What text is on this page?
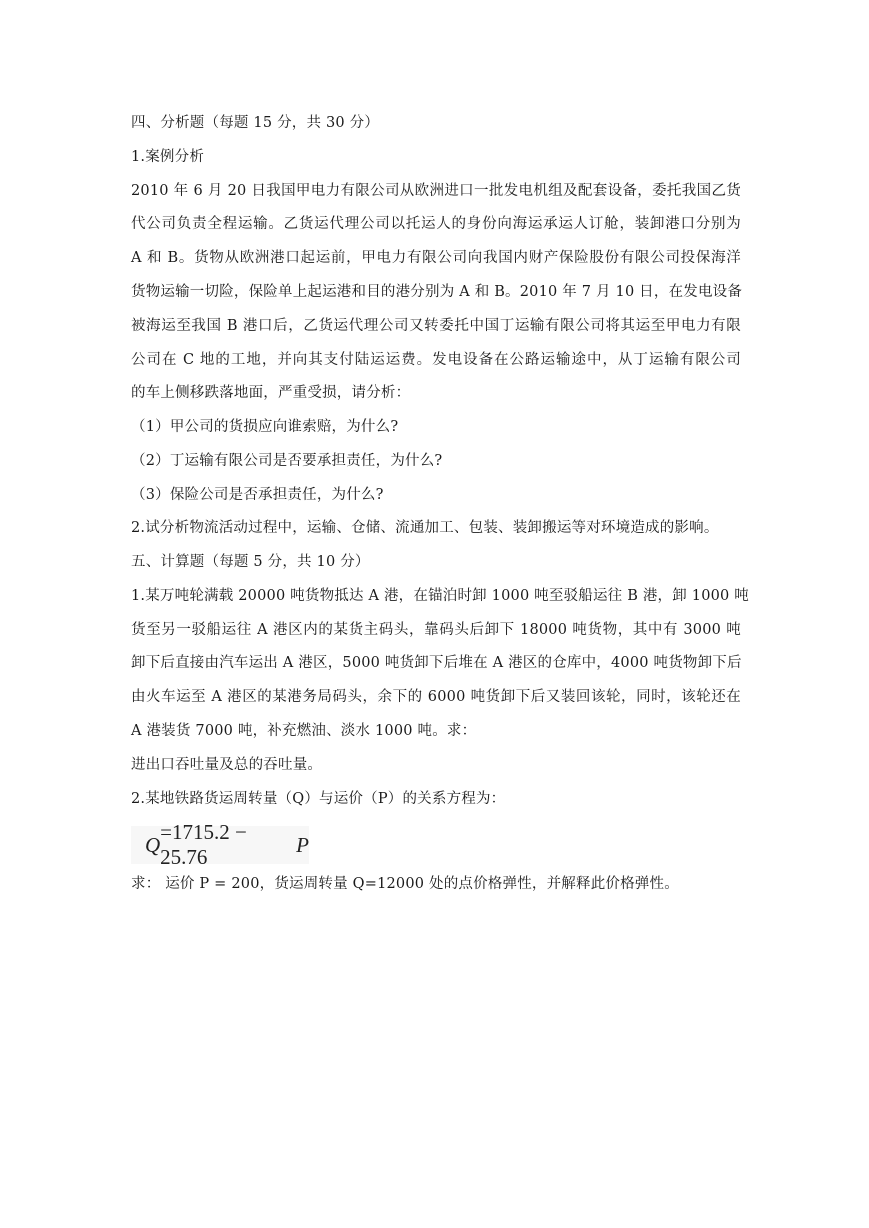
四、分析题（每题 15 分，共 30 分）
1.案例分析
2010 年 6 月 20 日我国甲电力有限公司从欧洲进口一批发电机组及配套设备，委托我国乙货
代公司负责全程运输。乙货运代理公司以托运人的身份向海运承运人订舱，装卸港口分别为
A 和 B。货物从欧洲港口起运前，甲电力有限公司向我国内财产保险股份有限公司投保海洋
货物运输一切险，保险单上起运港和目的港分别为 A 和 B。2010 年 7 月 10 日，在发电设备
被海运至我国 B 港口后，乙货运代理公司又转委托中国丁运输有限公司将其运至甲电力有限
公司在 C 地的工地，并向其支付陆运运费。发电设备在公路运输途中，从丁运输有限公司
的车上侧移跌落地面，严重受损，请分析：
（1）甲公司的货损应向谁索赔，为什么?
（2）丁运输有限公司是否要承担责任，为什么?
（3）保险公司是否承担责任，为什么?
2.试分析物流活动过程中，运输、仓储、流通加工、包装、装卸搬运等对环境造成的影响。
五、计算题（每题 5 分，共 10 分）
1.某万吨轮满载 20000 吨货物抵达 A 港，在锚泊时卸 1000 吨至驳船运往 B 港，卸 1000 吨
货至另一驳船运往 A 港区内的某货主码头，靠码头后卸下 18000 吨货物，其中有 3000 吨
卸下后直接由汽车运出 A 港区，5000 吨货卸下后堆在 A 港区的仓库中，4000 吨货物卸下后
由火车运至 A 港区的某港务局码头，余下的 6000 吨货卸下后又装回该轮，同时，该轮还在
A 港装货 7000 吨，补充燃油、淡水 1000 吨。求：
进出口吞吐量及总的吞吐量。
2.某地铁路货运周转量（Q）与运价（P）的关系方程为：
Q
=1715.2 − 25.76
P
求： 运价 P = 200，货运周转量 Q=12000 处的点价格弹性，并解释此价格弹性。
